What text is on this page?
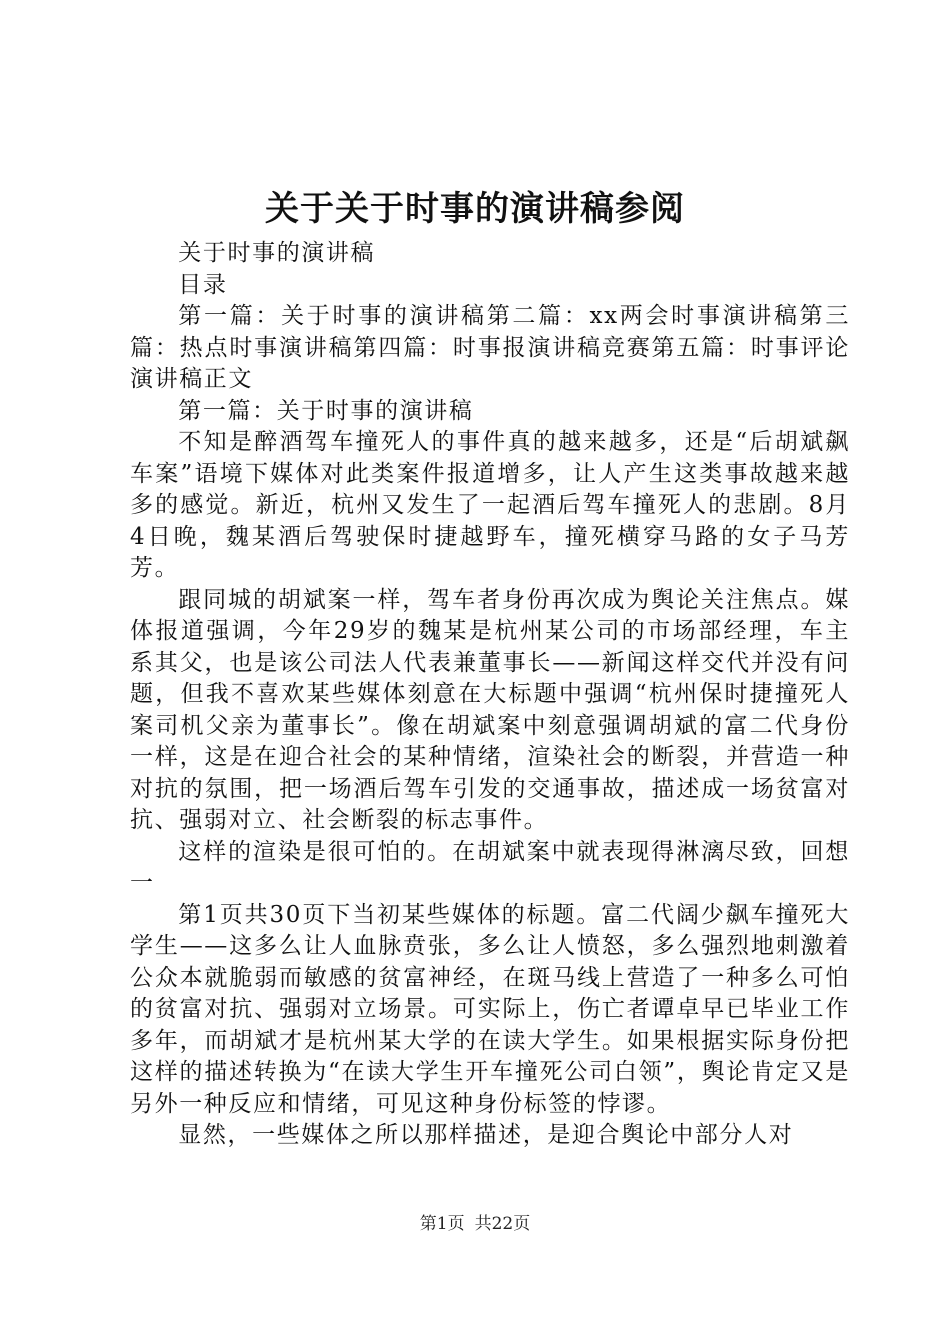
关于关于时事的演讲稿参阅

关于时事的演讲稿

目录

第一篇：关于时事的演讲稿第二篇：xx两会时事演讲稿第三篇：热点时事演讲稿第四篇：时事报演讲稿竞赛第五篇：时事评论演讲稿正文

第一篇：关于时事的演讲稿

不知是醉酒驾车撞死人的事件真的越来越多，还是“后胡斌飙车案”语境下媒体对此类案件报道增多，让人产生这类事故越来越多的感觉。新近，杭州又发生了一起酒后驾车撞死人的悲剧。8月4日晚，魏某酒后驾驶保时捷越野车，撞死横穿马路的女子马芳芳。

跟同城的胡斌案一样，驾车者身份再次成为舆论关注焦点。媒体报道强调，今年29岁的魏某是杭州某公司的市场部经理，车主系其父，也是该公司法人代表兼董事长——新闻这样交代并没有问题，但我不喜欢某些媒体刻意在大标题中强调“杭州保时捷撞死人案司机父亲为董事长”。像在胡斌案中刻意强调胡斌的富二代身份一样，这是在迎合社会的某种情绪，渲染社会的断裂，并营造一种对抗的氛围，把一场酒后驾车引发的交通事故，描述成一场贫富对抗、强弱对立、社会断裂的标志事件。

这样的渲染是很可怕的。在胡斌案中就表现得淋漓尽致，回想一

第1页共30页下当初某些媒体的标题。富二代阔少飙车撞死大学生——这多么让人血脉贲张，多么让人愤怒，多么强烈地刺激着公众本就脆弱而敏感的贫富神经，在斑马线上营造了一种多么可怕的贫富对抗、强弱对立场景。可实际上，伤亡者谭卓早已毕业工作多年，而胡斌才是杭州某大学的在读大学生。如果根据实际身份把这样的描述转换为“在读大学生开车撞死公司白领”，舆论肯定又是另外一种反应和情绪，可见这种身份标签的悖谬。

显然，一些媒体之所以那样描述，是迎合舆论中部分人对

第1页 共22页
